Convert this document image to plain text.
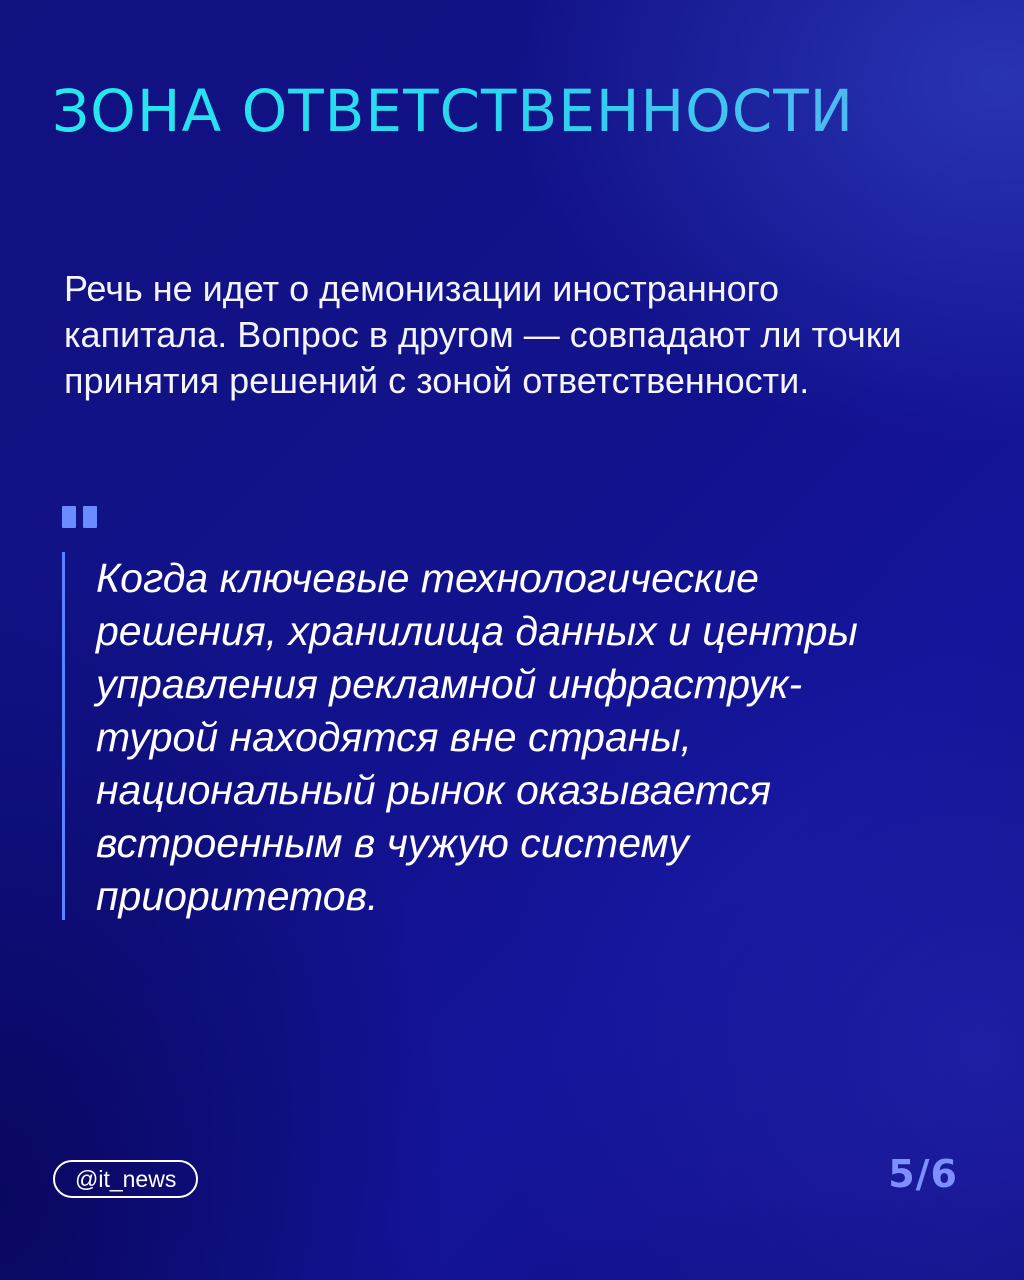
ЗОНА ОТВЕТСТВЕННОСТИ

Речь не идет о демонизации иностранного капитала. Вопрос в другом — совпадают ли точки принятия решений с зоной ответственности.

Когда ключевые технологические
решения, хранилища данных и центры
управления рекламной инфраструк-
турой находятся вне страны,
национальный рынок оказывается
встроенным в чужую систему
приоритетов.

@it_news	5/6
